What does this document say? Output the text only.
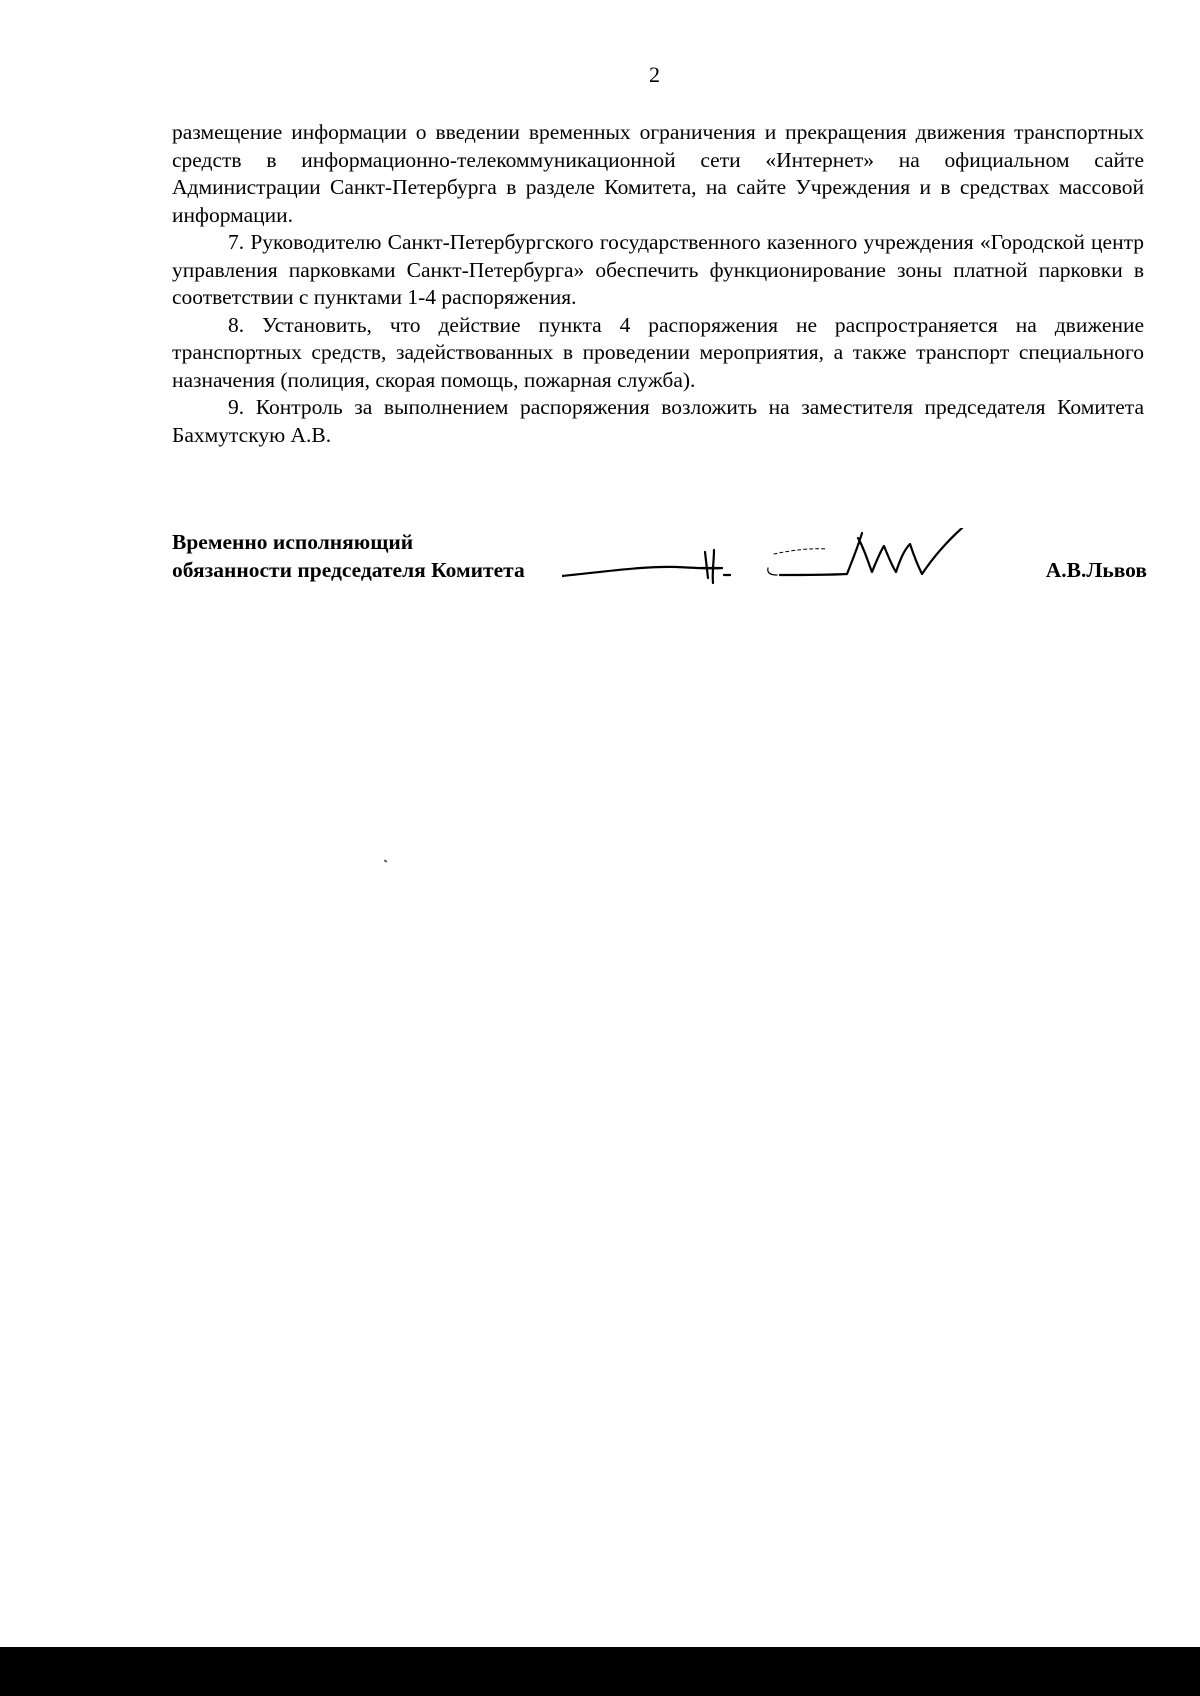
2

размещение информации о введении временных ограничения и прекращения движения транспортных средств в информационно-телекоммуникационной сети «Интернет» на официальном сайте Администрации Санкт-Петербурга в разделе Комитета, на сайте Учреждения и в средствах массовой информации.

7. Руководителю Санкт-Петербургского государственного казенного учреждения «Городской центр управления парковками Санкт-Петербурга» обеспечить функционирование зоны платной парковки в соответствии с пунктами 1-4 распоряжения.

8. Установить, что действие пункта 4 распоряжения не распространяется на движение транспортных средств, задействованных в проведении мероприятия, а также транспорт специального назначения (полиция, скорая помощь, пожарная служба).

9. Контроль за выполнением распоряжения возложить на заместителя председателя Комитета Бахмутскую А.В.

Временно исполняющий
обязанности председателя Комитета	А.В.Львов
